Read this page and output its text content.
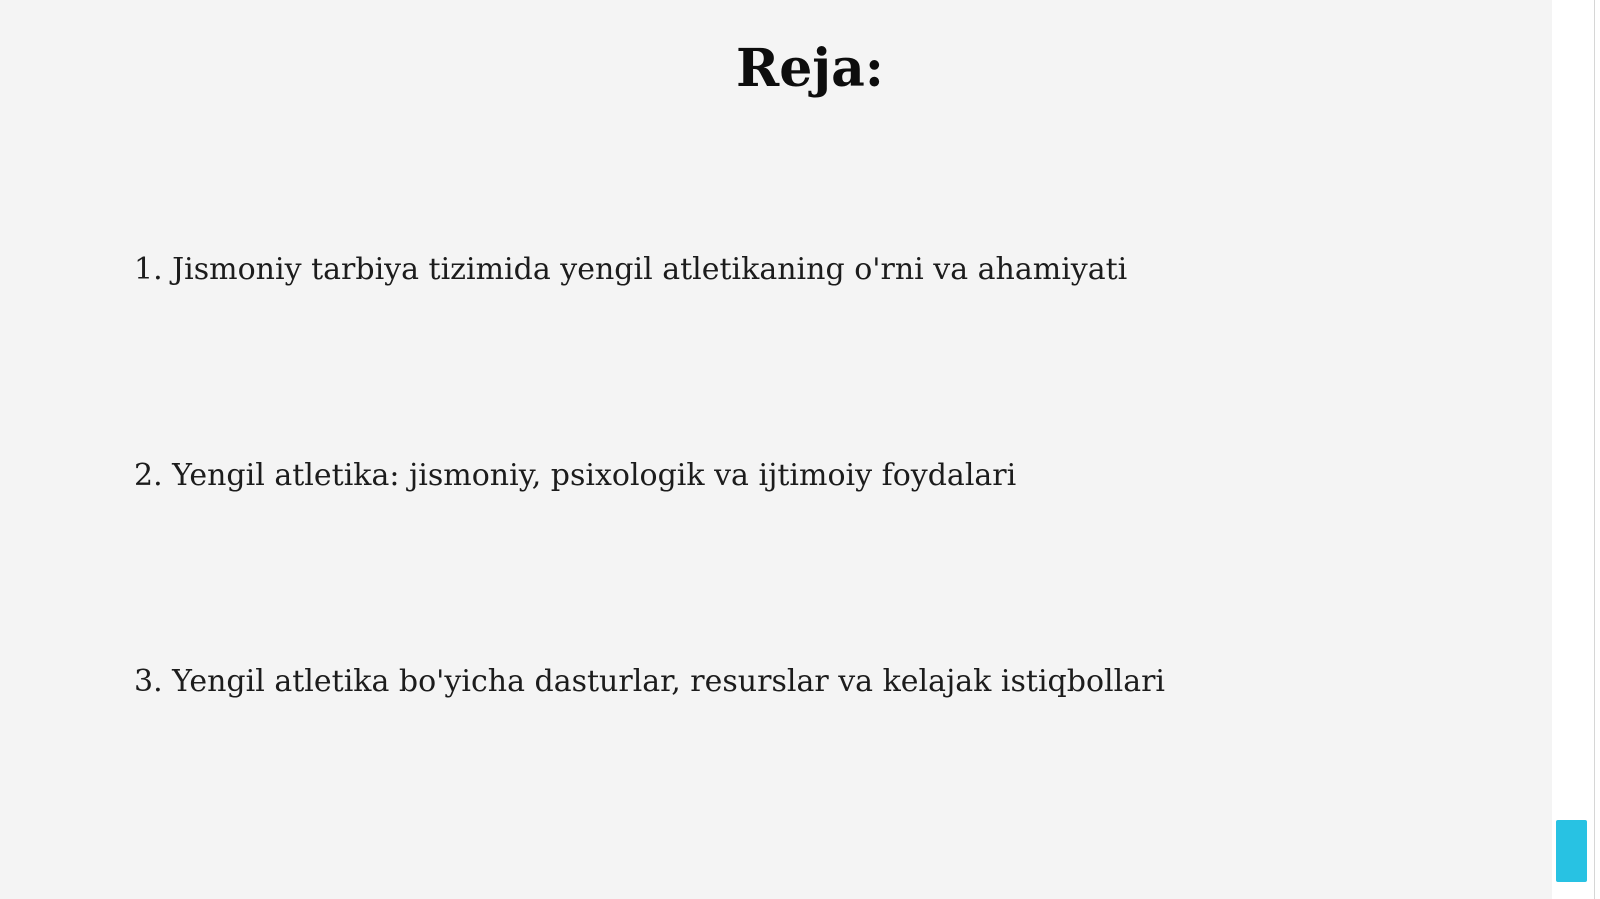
Reja:
1. Jismoniy tarbiya tizimida yengil atletikaning o'rni va ahamiyati
2. Yengil atletika: jismoniy, psixologik va ijtimoiy foydalari
3. Yengil atletika bo'yicha dasturlar, resurslar va kelajak istiqbollari
